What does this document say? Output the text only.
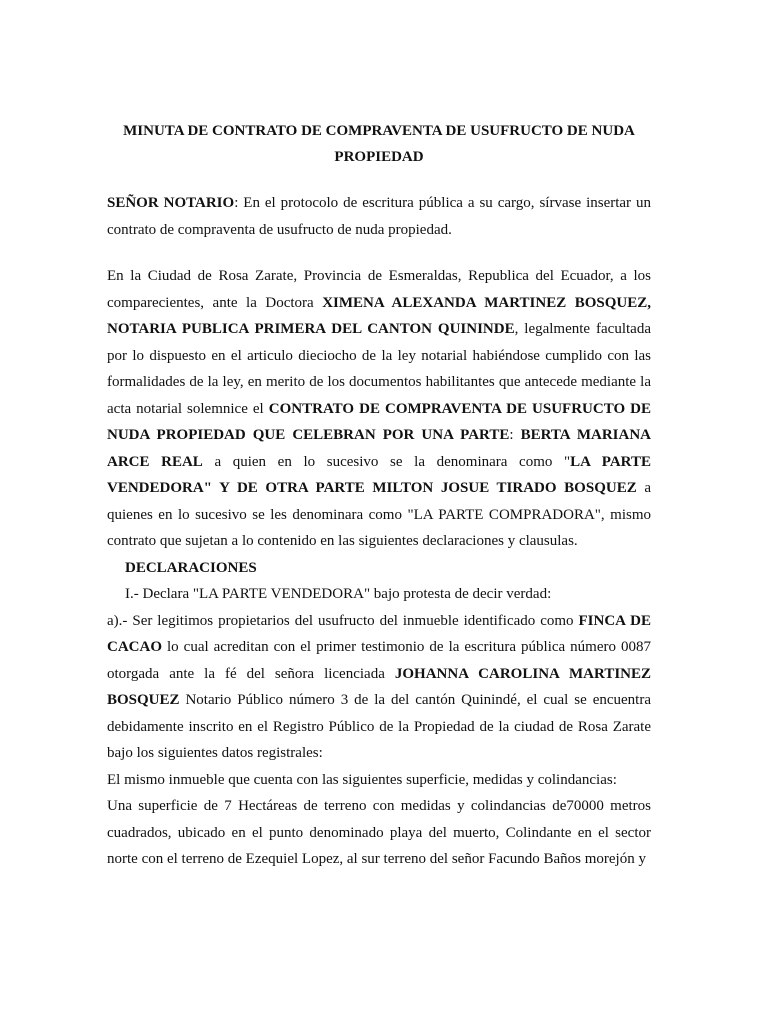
MINUTA DE CONTRATO DE COMPRAVENTA DE USUFRUCTO DE NUDA PROPIEDAD

SEÑOR NOTARIO: En el protocolo de escritura pública a su cargo, sírvase insertar un contrato de compraventa de usufructo de nuda propiedad.

En la Ciudad de Rosa Zarate, Provincia de Esmeraldas, Republica del Ecuador, a los comparecientes, ante la Doctora XIMENA ALEXANDA MARTINEZ BOSQUEZ, NOTARIA PUBLICA PRIMERA DEL CANTON QUININDE, legalmente facultada por lo dispuesto en el articulo dieciocho de la ley notarial habiéndose cumplido con las formalidades de la ley, en merito de los documentos habilitantes que antecede mediante la acta notarial solemnice el CONTRATO DE COMPRAVENTA DE USUFRUCTO DE NUDA PROPIEDAD QUE CELEBRAN POR UNA PARTE: BERTA MARIANA ARCE REAL a quien en lo sucesivo se la denominara como "LA PARTE VENDEDORA" Y DE OTRA PARTE MILTON JOSUE TIRADO BOSQUEZ a quienes en lo sucesivo se les denominara como "LA PARTE COMPRADORA", mismo contrato que sujetan a lo contenido en las siguientes declaraciones y clausulas.

DECLARACIONES

I.- Declara "LA PARTE VENDEDORA" bajo protesta de decir verdad:

a).- Ser legitimos propietarios del usufructo del inmueble identificado como FINCA DE CACAO lo cual acreditan con el primer testimonio de la escritura pública número 0087 otorgada ante la fé del señora licenciada JOHANNA CAROLINA MARTINEZ BOSQUEZ Notario Público número 3 de la del cantón Quinindé, el cual se encuentra debidamente inscrito en el Registro Público de la Propiedad de la ciudad de Rosa Zarate bajo los siguientes datos registrales:

El mismo inmueble que cuenta con las siguientes superficie, medidas y colindancias:

Una superficie de 7 Hectáreas de terreno con medidas y colindancias de70000 metros cuadrados, ubicado en el punto denominado playa del muerto, Colindante en el sector norte con el terreno de Ezequiel Lopez, al sur terreno del señor Facundo Baños morejón y
